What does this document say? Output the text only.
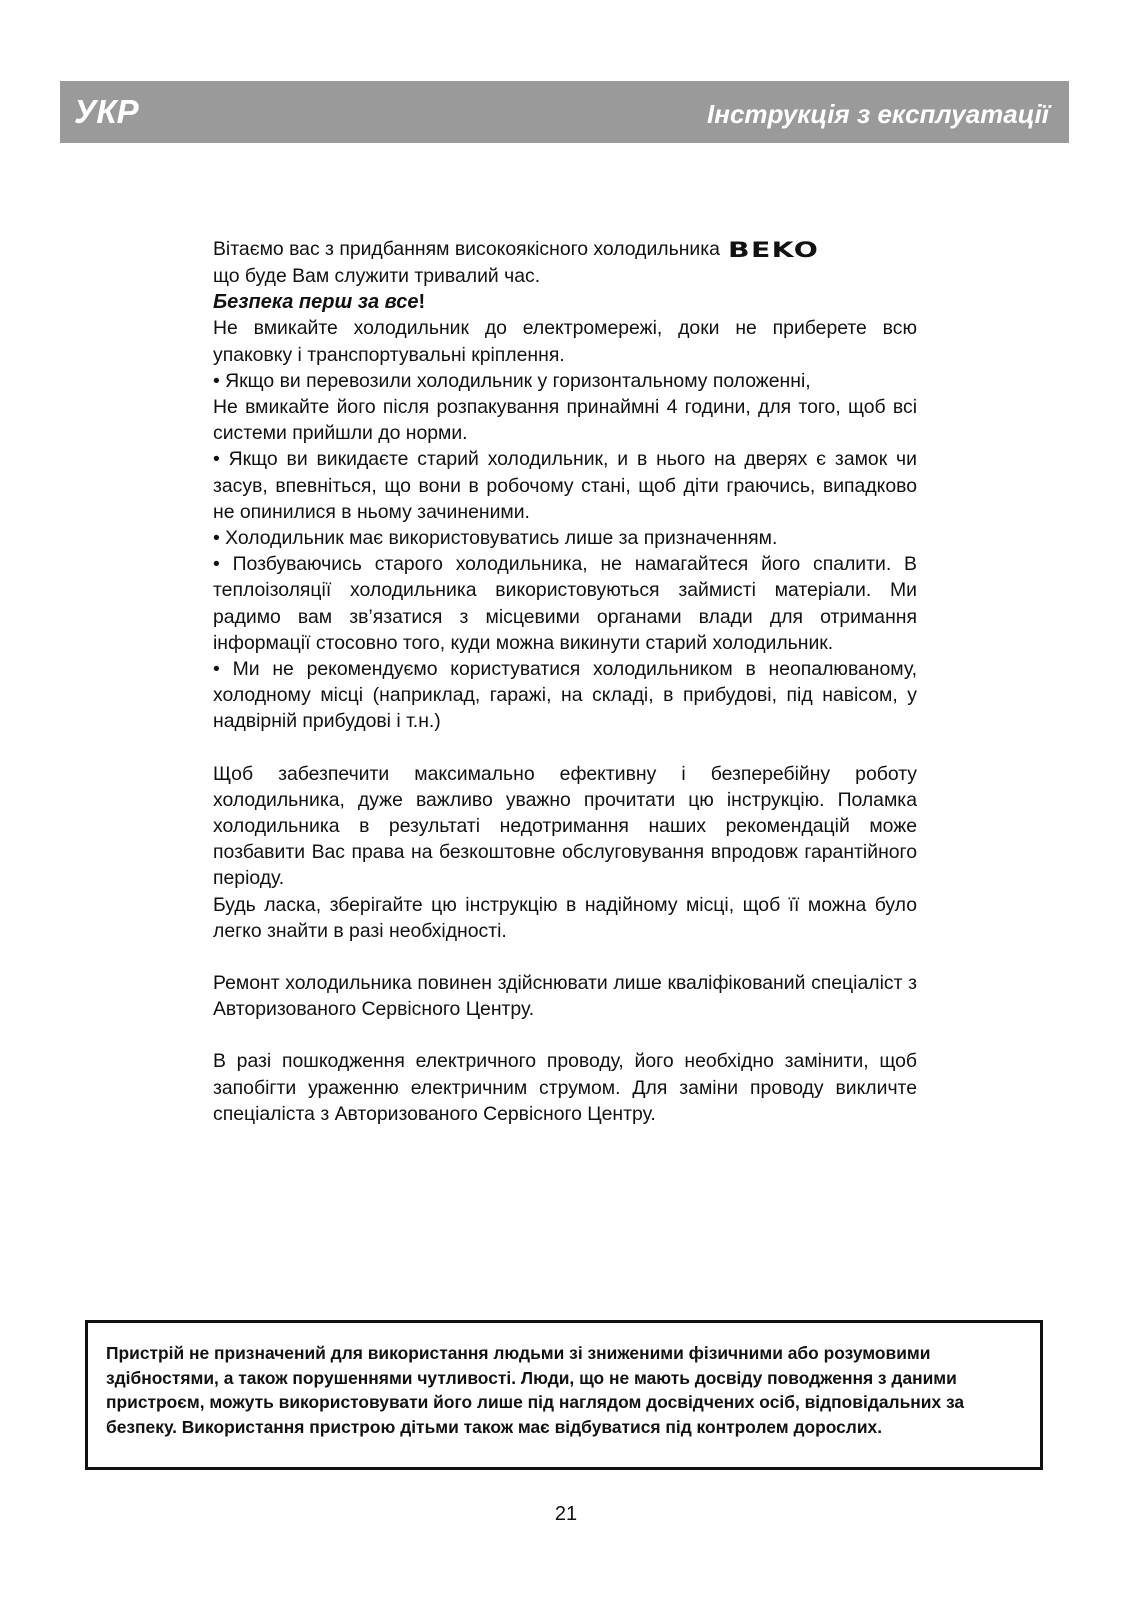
УКР	Інструкція з експлуатації

Вітаємо вас з придбанням високоякісного холодильника BEKO
що буде Вам служити тривалий час.

Безпека перш за все!

Не вмикайте холодильник до електромережі, доки не приберете всю упаковку і транспортувальні кріплення.

• Якщо ви перевозили холодильник у горизонтальному положенні,

Не вмикайте його після розпакування принаймні 4 години, для того, щоб всі системи прийшли до норми.

• Якщо ви викидаєте старий холодильник, и в нього на дверях є замок чи засув, впевніться, що вони в робочому стані, щоб діти граючись, випадково не опинилися в ньому зачиненими.

• Холодильник має використовуватись лише за призначенням.

• Позбуваючись старого холодильника, не намагайтеся його спалити. В теплоізоляції холодильника використовуються займисті матеріали. Ми радимо вам зв’язатися з місцевими органами влади для отримання інформації стосовно того, куди можна викинути старий холодильник.

• Ми не рекомендуємо користуватися холодильником в неопалюваному, холодному місці (наприклад, гаражі, на складі, в прибудові, під навісом, у надвірній прибудові і т.н.)

Щоб забезпечити максимально ефективну і безперебійну роботу холодильника, дуже важливо уважно прочитати цю інструкцію. Поламка холодильника в результаті недотримання наших рекомендацій може позбавити Вас права на безкоштовне обслуговування впродовж гарантійного періоду.

Будь ласка, зберігайте цю інструкцію в надійному місці, щоб її можна було легко знайти в разі необхідності.

Ремонт холодильника повинен здійснювати лише кваліфікований спеціаліст з Авторизованого Сервісного Центру.

В разі пошкодження електричного проводу, його необхідно замінити, щоб запобігти ураженню електричним струмом. Для заміни проводу викличте спеціаліста з Авторизованого Сервісного Центру.

Пристрій не призначений для використання людьми зі зниженими фізичними або розумовими здібностями, а також порушеннями чутливості. Люди, що не мають досвіду поводження з даними пристроєм, можуть використовувати його лише під наглядом досвідчених осіб, відповідальних за безпеку. Використання пристрою дітьми також має відбуватися під контролем дорослих.
21
